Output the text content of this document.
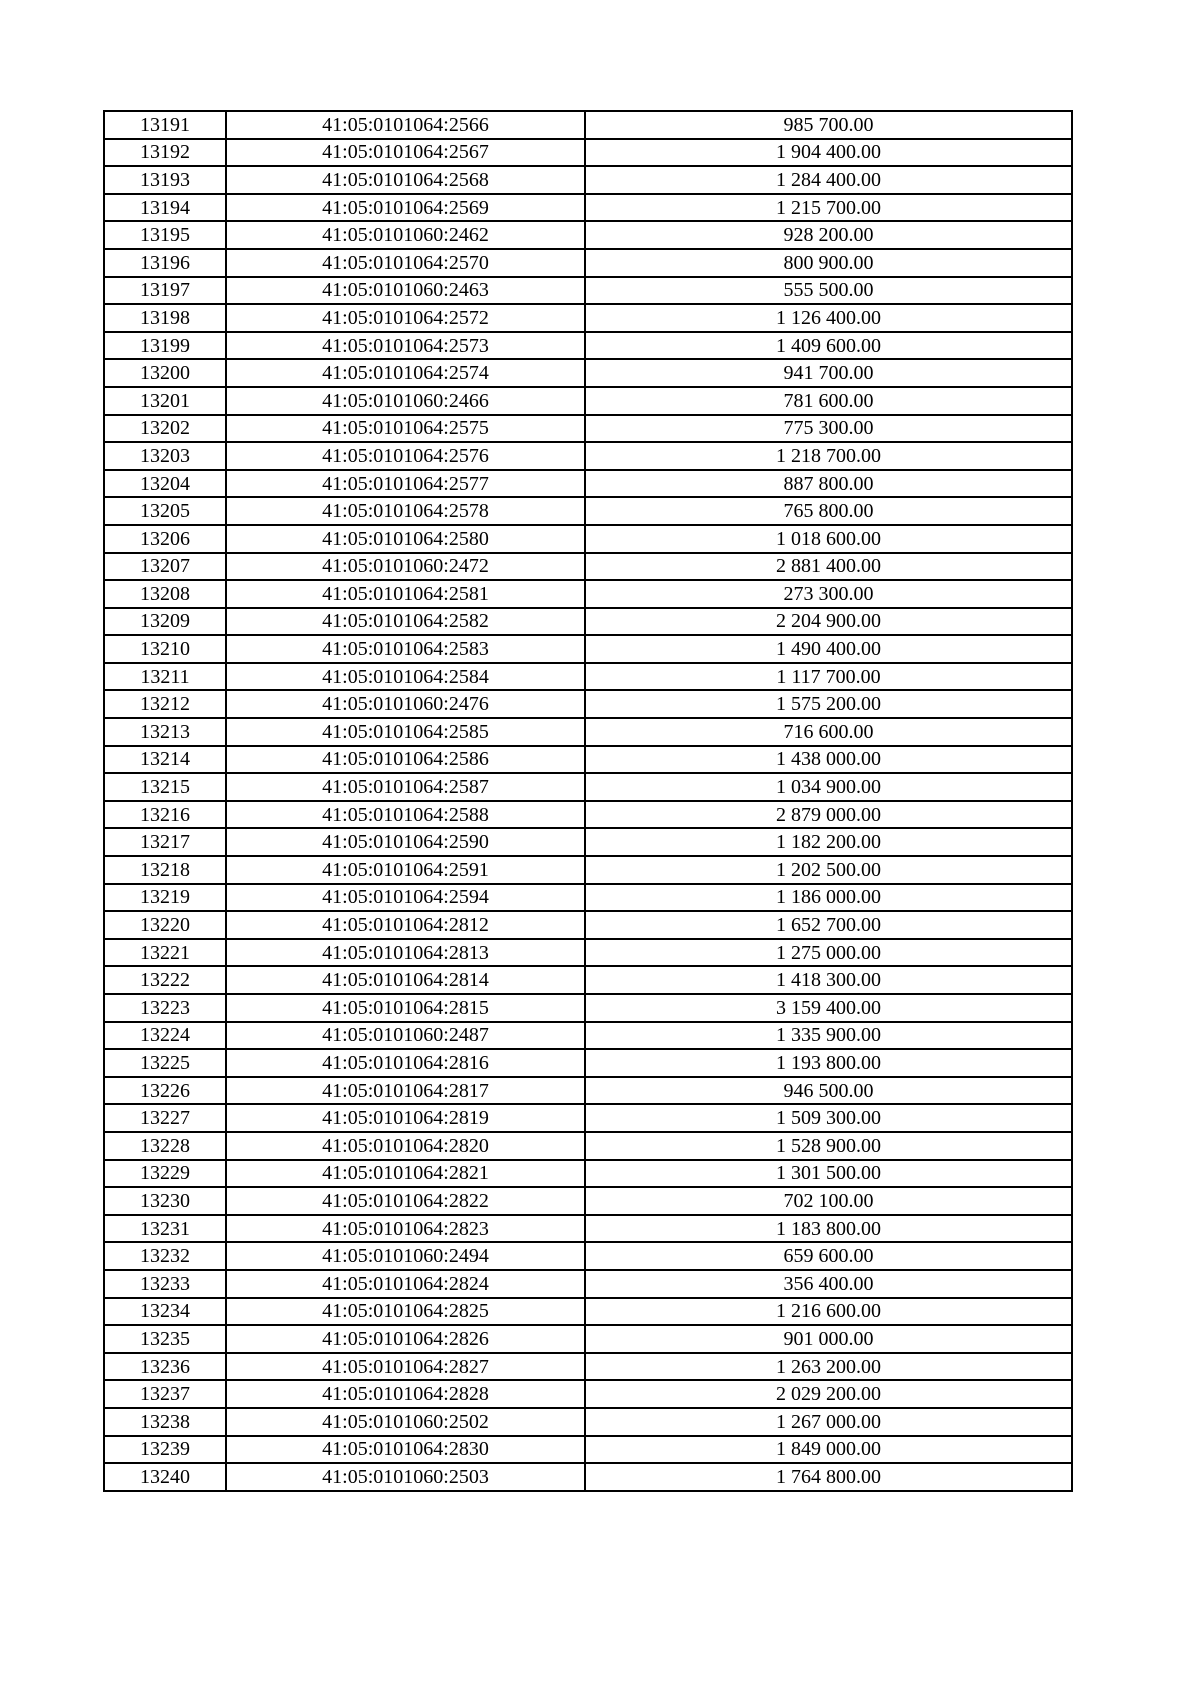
13191	41:05:0101064:2566	985 700.00
13192	41:05:0101064:2567	1 904 400.00
13193	41:05:0101064:2568	1 284 400.00
13194	41:05:0101064:2569	1 215 700.00
13195	41:05:0101060:2462	928 200.00
13196	41:05:0101064:2570	800 900.00
13197	41:05:0101060:2463	555 500.00
13198	41:05:0101064:2572	1 126 400.00
13199	41:05:0101064:2573	1 409 600.00
13200	41:05:0101064:2574	941 700.00
13201	41:05:0101060:2466	781 600.00
13202	41:05:0101064:2575	775 300.00
13203	41:05:0101064:2576	1 218 700.00
13204	41:05:0101064:2577	887 800.00
13205	41:05:0101064:2578	765 800.00
13206	41:05:0101064:2580	1 018 600.00
13207	41:05:0101060:2472	2 881 400.00
13208	41:05:0101064:2581	273 300.00
13209	41:05:0101064:2582	2 204 900.00
13210	41:05:0101064:2583	1 490 400.00
13211	41:05:0101064:2584	1 117 700.00
13212	41:05:0101060:2476	1 575 200.00
13213	41:05:0101064:2585	716 600.00
13214	41:05:0101064:2586	1 438 000.00
13215	41:05:0101064:2587	1 034 900.00
13216	41:05:0101064:2588	2 879 000.00
13217	41:05:0101064:2590	1 182 200.00
13218	41:05:0101064:2591	1 202 500.00
13219	41:05:0101064:2594	1 186 000.00
13220	41:05:0101064:2812	1 652 700.00
13221	41:05:0101064:2813	1 275 000.00
13222	41:05:0101064:2814	1 418 300.00
13223	41:05:0101064:2815	3 159 400.00
13224	41:05:0101060:2487	1 335 900.00
13225	41:05:0101064:2816	1 193 800.00
13226	41:05:0101064:2817	946 500.00
13227	41:05:0101064:2819	1 509 300.00
13228	41:05:0101064:2820	1 528 900.00
13229	41:05:0101064:2821	1 301 500.00
13230	41:05:0101064:2822	702 100.00
13231	41:05:0101064:2823	1 183 800.00
13232	41:05:0101060:2494	659 600.00
13233	41:05:0101064:2824	356 400.00
13234	41:05:0101064:2825	1 216 600.00
13235	41:05:0101064:2826	901 000.00
13236	41:05:0101064:2827	1 263 200.00
13237	41:05:0101064:2828	2 029 200.00
13238	41:05:0101060:2502	1 267 000.00
13239	41:05:0101064:2830	1 849 000.00
13240	41:05:0101060:2503	1 764 800.00
